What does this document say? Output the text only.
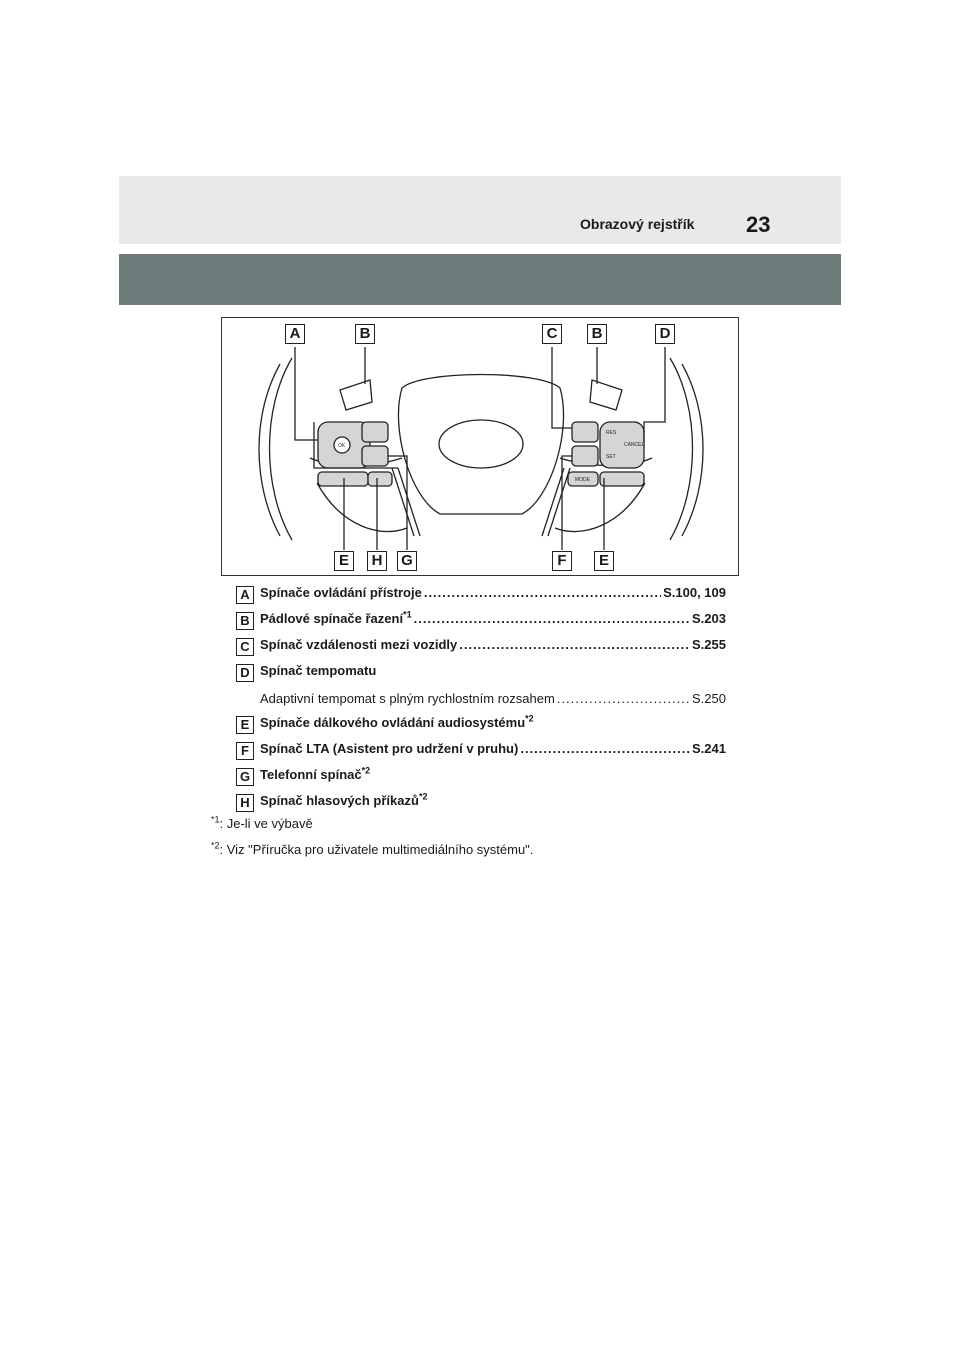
Obrazový rejstřík 23
OK
MODE
RES
SET
CANCEL
A	B	C	B	D
E	H	G	F	E
A Spínače ovládání přístroje .....	S.100, 109
B Pádlové spínače řazení$^{*1}$ .....	S.203
C Spínač vzdálenosti mezi vozidly .....	S.255
D Spínač tempomatu
Adaptivní tempomat s plným rychlostním rozsahem .....	S.250
E Spínače dálkového ovládání audiosystému$^{*2}$
F Spínač LTA (Asistent pro udržení v pruhu) .....	S.241
G Telefonní spínač$^{*2}$
H Spínač hlasových příkazů$^{*2}$
$^{*1}$: Je-li ve výbavě
$^{*2}$: Viz "Příručka pro uživatele multimediálního systému".
